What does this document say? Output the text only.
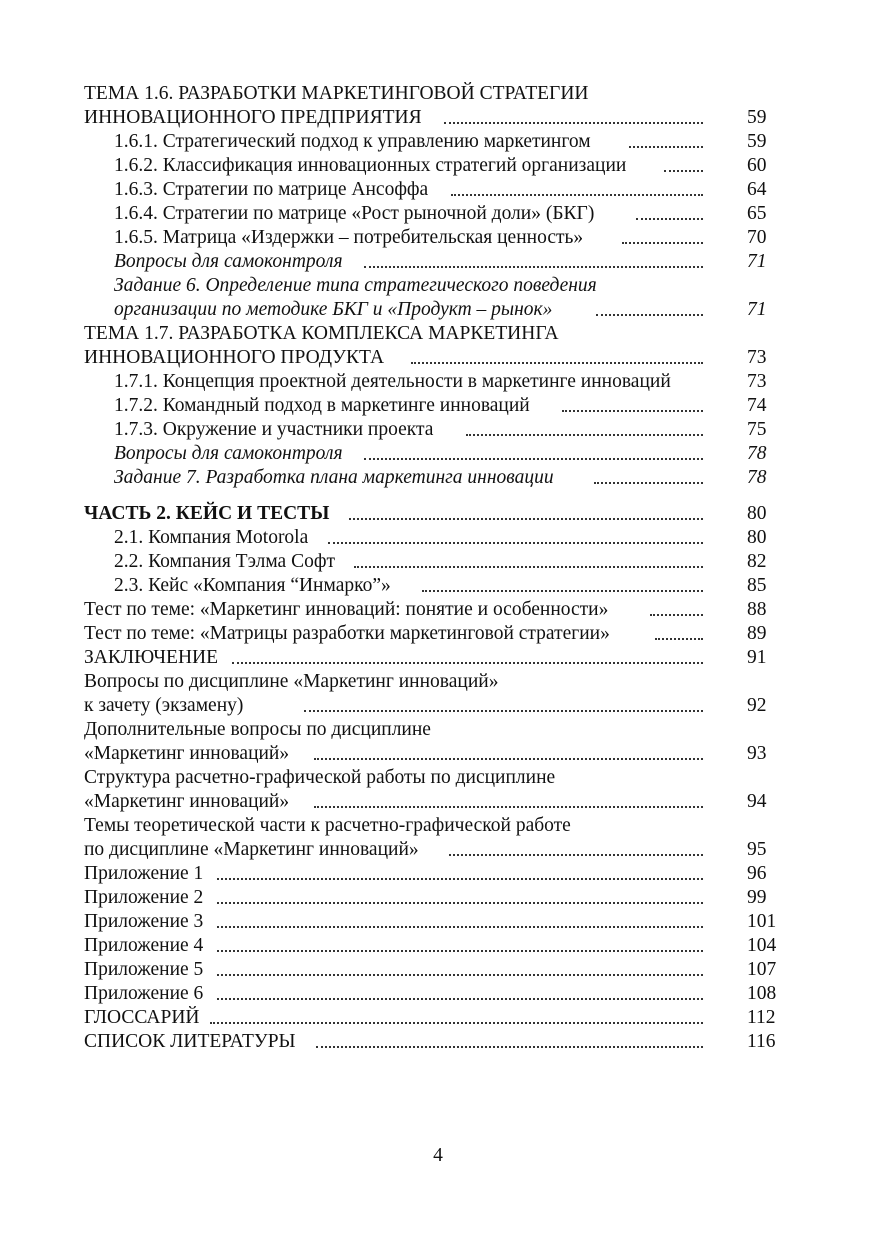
ТЕМА 1.6. РАЗРАБОТКИ МАРКЕТИНГОВОЙ СТРАТЕГИИ
ИННОВАЦИОННОГО ПРЕДПРИЯТИЯ	59
1.6.1. Стратегический подход к управлению маркетингом	59
1.6.2. Классификация инновационных стратегий организации	60
1.6.3. Стратегии по матрице Ансоффа	64
1.6.4. Стратегии по матрице «Рост рыночной доли» (БКГ)	65
1.6.5. Матрица «Издержки – потребительская ценность»	70
Вопросы для самоконтроля	71
Задание 6. Определение типа стратегического поведения
организации по методике БКГ и «Продукт – рынок»	71
ТЕМА 1.7. РАЗРАБОТКА КОМПЛЕКСА МАРКЕТИНГА
ИННОВАЦИОННОГО ПРОДУКТА	73
1.7.1. Концепция проектной деятельности в маркетинге инноваций	73
1.7.2. Командный подход в маркетинге инноваций	74
1.7.3. Окружение и участники проекта	75
Вопросы для самоконтроля	78
Задание 7. Разработка плана маркетинга инновации	78
ЧАСТЬ 2. КЕЙС И ТЕСТЫ	80
2.1. Компания Motorola	80
2.2. Компания Тэлма Софт	82
2.3. Кейс «Компания “Инмарко”»	85
Тест по теме: «Маркетинг инноваций: понятие и особенности»	88
Тест по теме: «Матрицы разработки маркетинговой стратегии»	89
ЗАКЛЮЧЕНИЕ	91
Вопросы по дисциплине «Маркетинг инноваций»
к зачету (экзамену)	92
Дополнительные вопросы по дисциплине
«Маркетинг инноваций»	93
Структура расчетно-графической работы по дисциплине
«Маркетинг инноваций»	94
Темы теоретической части к расчетно-графической работе
по дисциплине «Маркетинг инноваций»	95
Приложение 1	96
Приложение 2	99
Приложение 3	101
Приложение 4	104
Приложение 5	107
Приложение 6	108
ГЛОССАРИЙ	112
СПИСОК ЛИТЕРАТУРЫ	116
4
